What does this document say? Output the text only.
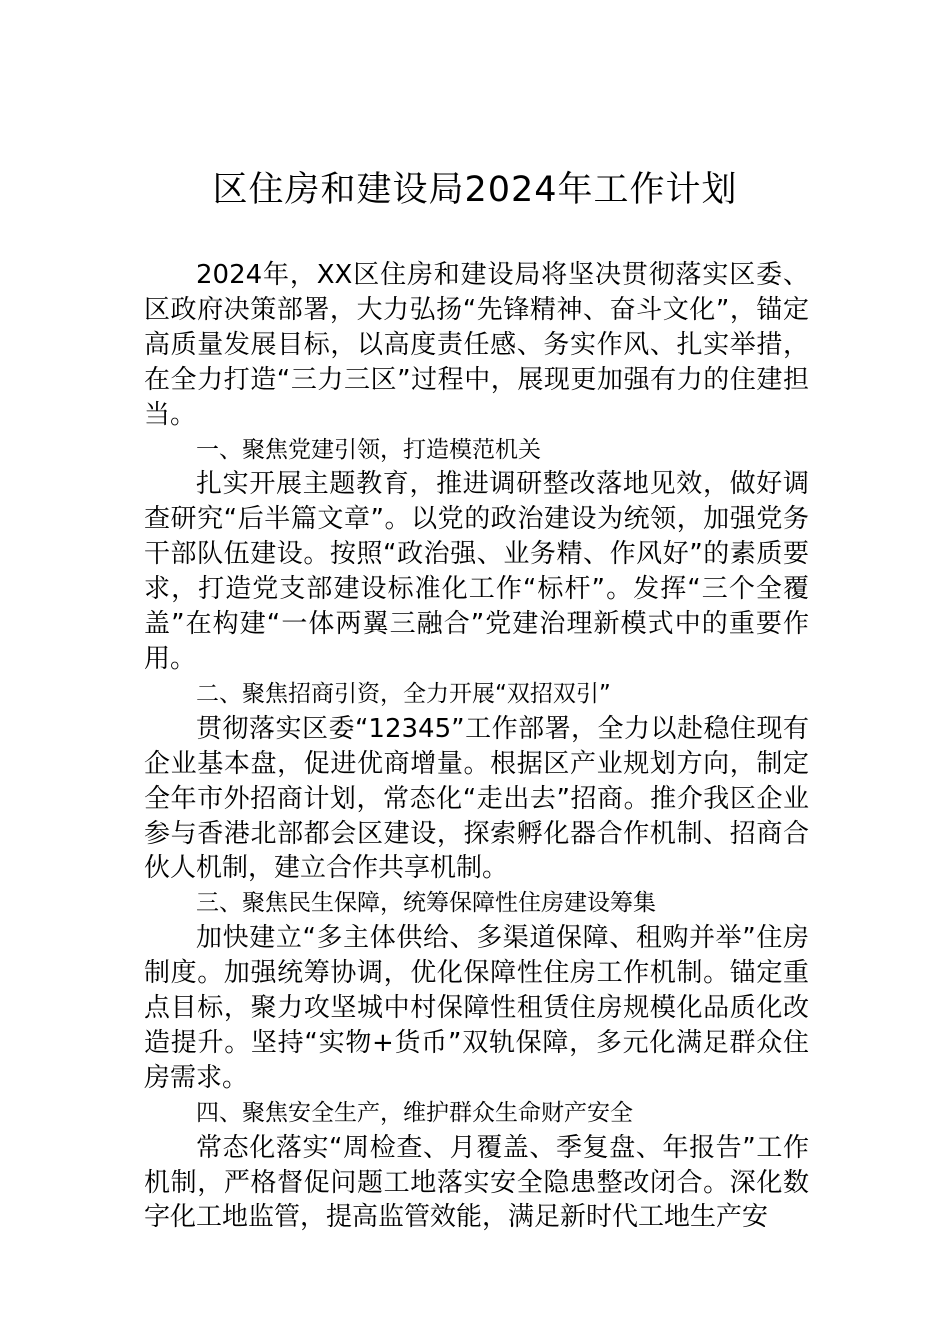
区住房和建设局2024年工作计划

2024年，XX区住房和建设局将坚决贯彻落实区委、区政府决策部署，大力弘扬“先锋精神、奋斗文化”，锚定高质量发展目标，以高度责任感、务实作风、扎实举措，在全力打造“三力三区”过程中，展现更加强有力的住建担当。

一、聚焦党建引领，打造模范机关

扎实开展主题教育，推进调研整改落地见效，做好调查研究“后半篇文章”。以党的政治建设为统领，加强党务干部队伍建设。按照“政治强、业务精、作风好”的素质要求，打造党支部建设标准化工作“标杆”。发挥“三个全覆盖”在构建“一体两翼三融合”党建治理新模式中的重要作用。

二、聚焦招商引资，全力开展“双招双引”

贯彻落实区委“12345”工作部署，全力以赴稳住现有企业基本盘，促进优商增量。根据区产业规划方向，制定全年市外招商计划，常态化“走出去”招商。推介我区企业参与香港北部都会区建设，探索孵化器合作机制、招商合伙人机制，建立合作共享机制。

三、聚焦民生保障，统筹保障性住房建设筹集

加快建立“多主体供给、多渠道保障、租购并举”住房制度。加强统筹协调，优化保障性住房工作机制。锚定重点目标，聚力攻坚城中村保障性租赁住房规模化品质化改造提升。坚持“实物+货币”双轨保障，多元化满足群众住房需求。

四、聚焦安全生产，维护群众生命财产安全

常态化落实“周检查、月覆盖、季复盘、年报告”工作机制，严格督促问题工地落实安全隐患整改闭合。深化数字化工地监管，提高监管效能，满足新时代工地生产安
